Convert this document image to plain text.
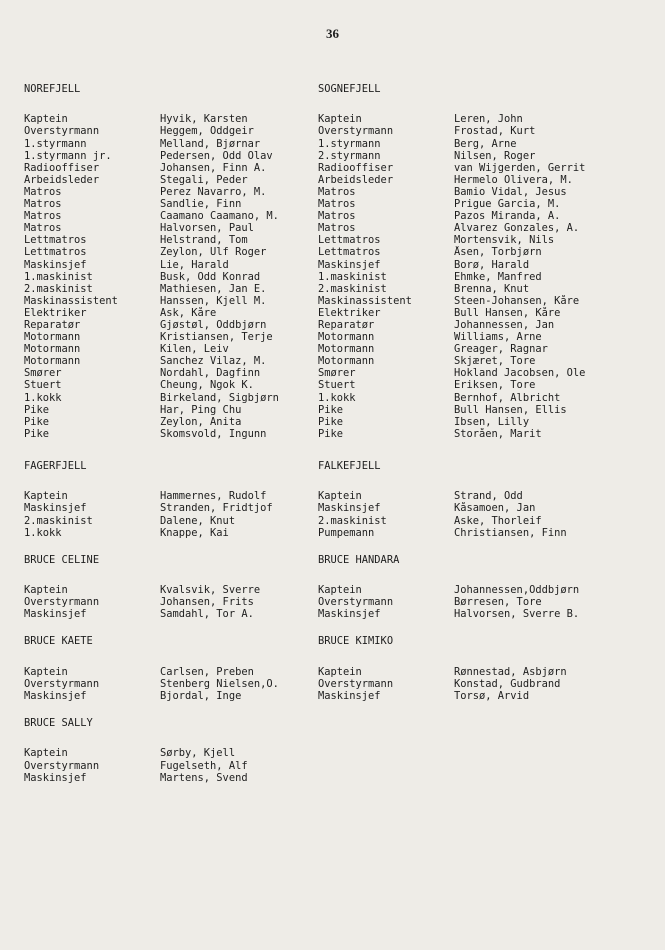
36
NOREFJELL
Kaptein	Hyvik, Karsten
Overstyrmann	Heggem, Oddgeir
1.styrmann	Melland, Bjørnar
1.styrmann jr.	Pedersen, Odd Olav
Radiooffiser	Johansen, Finn A.
Arbeidsleder	Stegali, Peder
Matros	Perez Navarro, M.
Matros	Sandlie, Finn
Matros	Caamano Caamano, M.
Matros	Halvorsen, Paul
Lettmatros	Helstrand, Tom
Lettmatros	Zeylon, Ulf Roger
Maskinsjef	Lie, Harald
1.maskinist	Busk, Odd Konrad
2.maskinist	Mathiesen, Jan E.
Maskinassistent	Hanssen, Kjell M.
Elektriker	Ask, Kåre
Reparatør	Gjøstøl, Oddbjørn
Motormann	Kristiansen, Terje
Motormann	Kilen, Leiv
Motormann	Sanchez Vilaz, M.
Smører	Nordahl, Dagfinn
Stuert	Cheung, Ngok K.
1.kokk	Birkeland, Sigbjørn
Pike	Har, Ping Chu
Pike	Zeylon, Anita
Pike	Skomsvold, Ingunn
FAGERFJELL
Kaptein	Hammernes, Rudolf
Maskinsjef	Stranden, Fridtjof
2.maskinist	Dalene, Knut
1.kokk	Knappe, Kai
BRUCE CELINE
Kaptein	Kvalsvik, Sverre
Overstyrmann	Johansen, Frits
Maskinsjef	Samdahl, Tor A.
BRUCE KAETE
Kaptein	Carlsen, Preben
Overstyrmann	Stenberg Nielsen,O.
Maskinsjef	Bjordal, Inge
BRUCE SALLY
Kaptein	Sørby, Kjell
Overstyrmann	Fugelseth, Alf
Maskinsjef	Martens, Svend
SOGNEFJELL
Kaptein	Leren, John
Overstyrmann	Frostad, Kurt
1.styrmann	Berg, Arne
2.styrmann	Nilsen, Roger
Radiooffiser	van Wijgerden, Gerrit
Arbeidsleder	Hermelo Olivera, M.
Matros	Bamio Vidal, Jesus
Matros	Prigue Garcia, M.
Matros	Pazos Miranda, A.
Matros	Alvarez Gonzales, A.
Lettmatros	Mortensvik, Nils
Lettmatros	Åsen, Torbjørn
Maskinsjef	Borø, Harald
1.maskinist	Ehmke, Manfred
2.maskinist	Brenna, Knut
Maskinassistent	Steen-Johansen, Kåre
Elektriker	Bull Hansen, Kåre
Reparatør	Johannessen, Jan
Motormann	Williams, Arne
Motormann	Greager, Ragnar
Motormann	Skjæret, Tore
Smører	Hokland Jacobsen, Ole
Stuert	Eriksen, Tore
1.kokk	Bernhof, Albricht
Pike	Bull Hansen, Ellis
Pike	Ibsen, Lilly
Pike	Storåen, Marit
FALKEFJELL
Kaptein	Strand, Odd
Maskinsjef	Kåsamoen, Jan
2.maskinist	Aske, Thorleif
Pumpemann	Christiansen, Finn
BRUCE HANDARA
Kaptein	Johannessen,Oddbjørn
Overstyrmann	Børresen, Tore
Maskinsjef	Halvorsen, Sverre B.
BRUCE KIMIKO
Kaptein	Rønnestad, Asbjørn
Overstyrmann	Konstad, Gudbrand
Maskinsjef	Torsø, Arvid
